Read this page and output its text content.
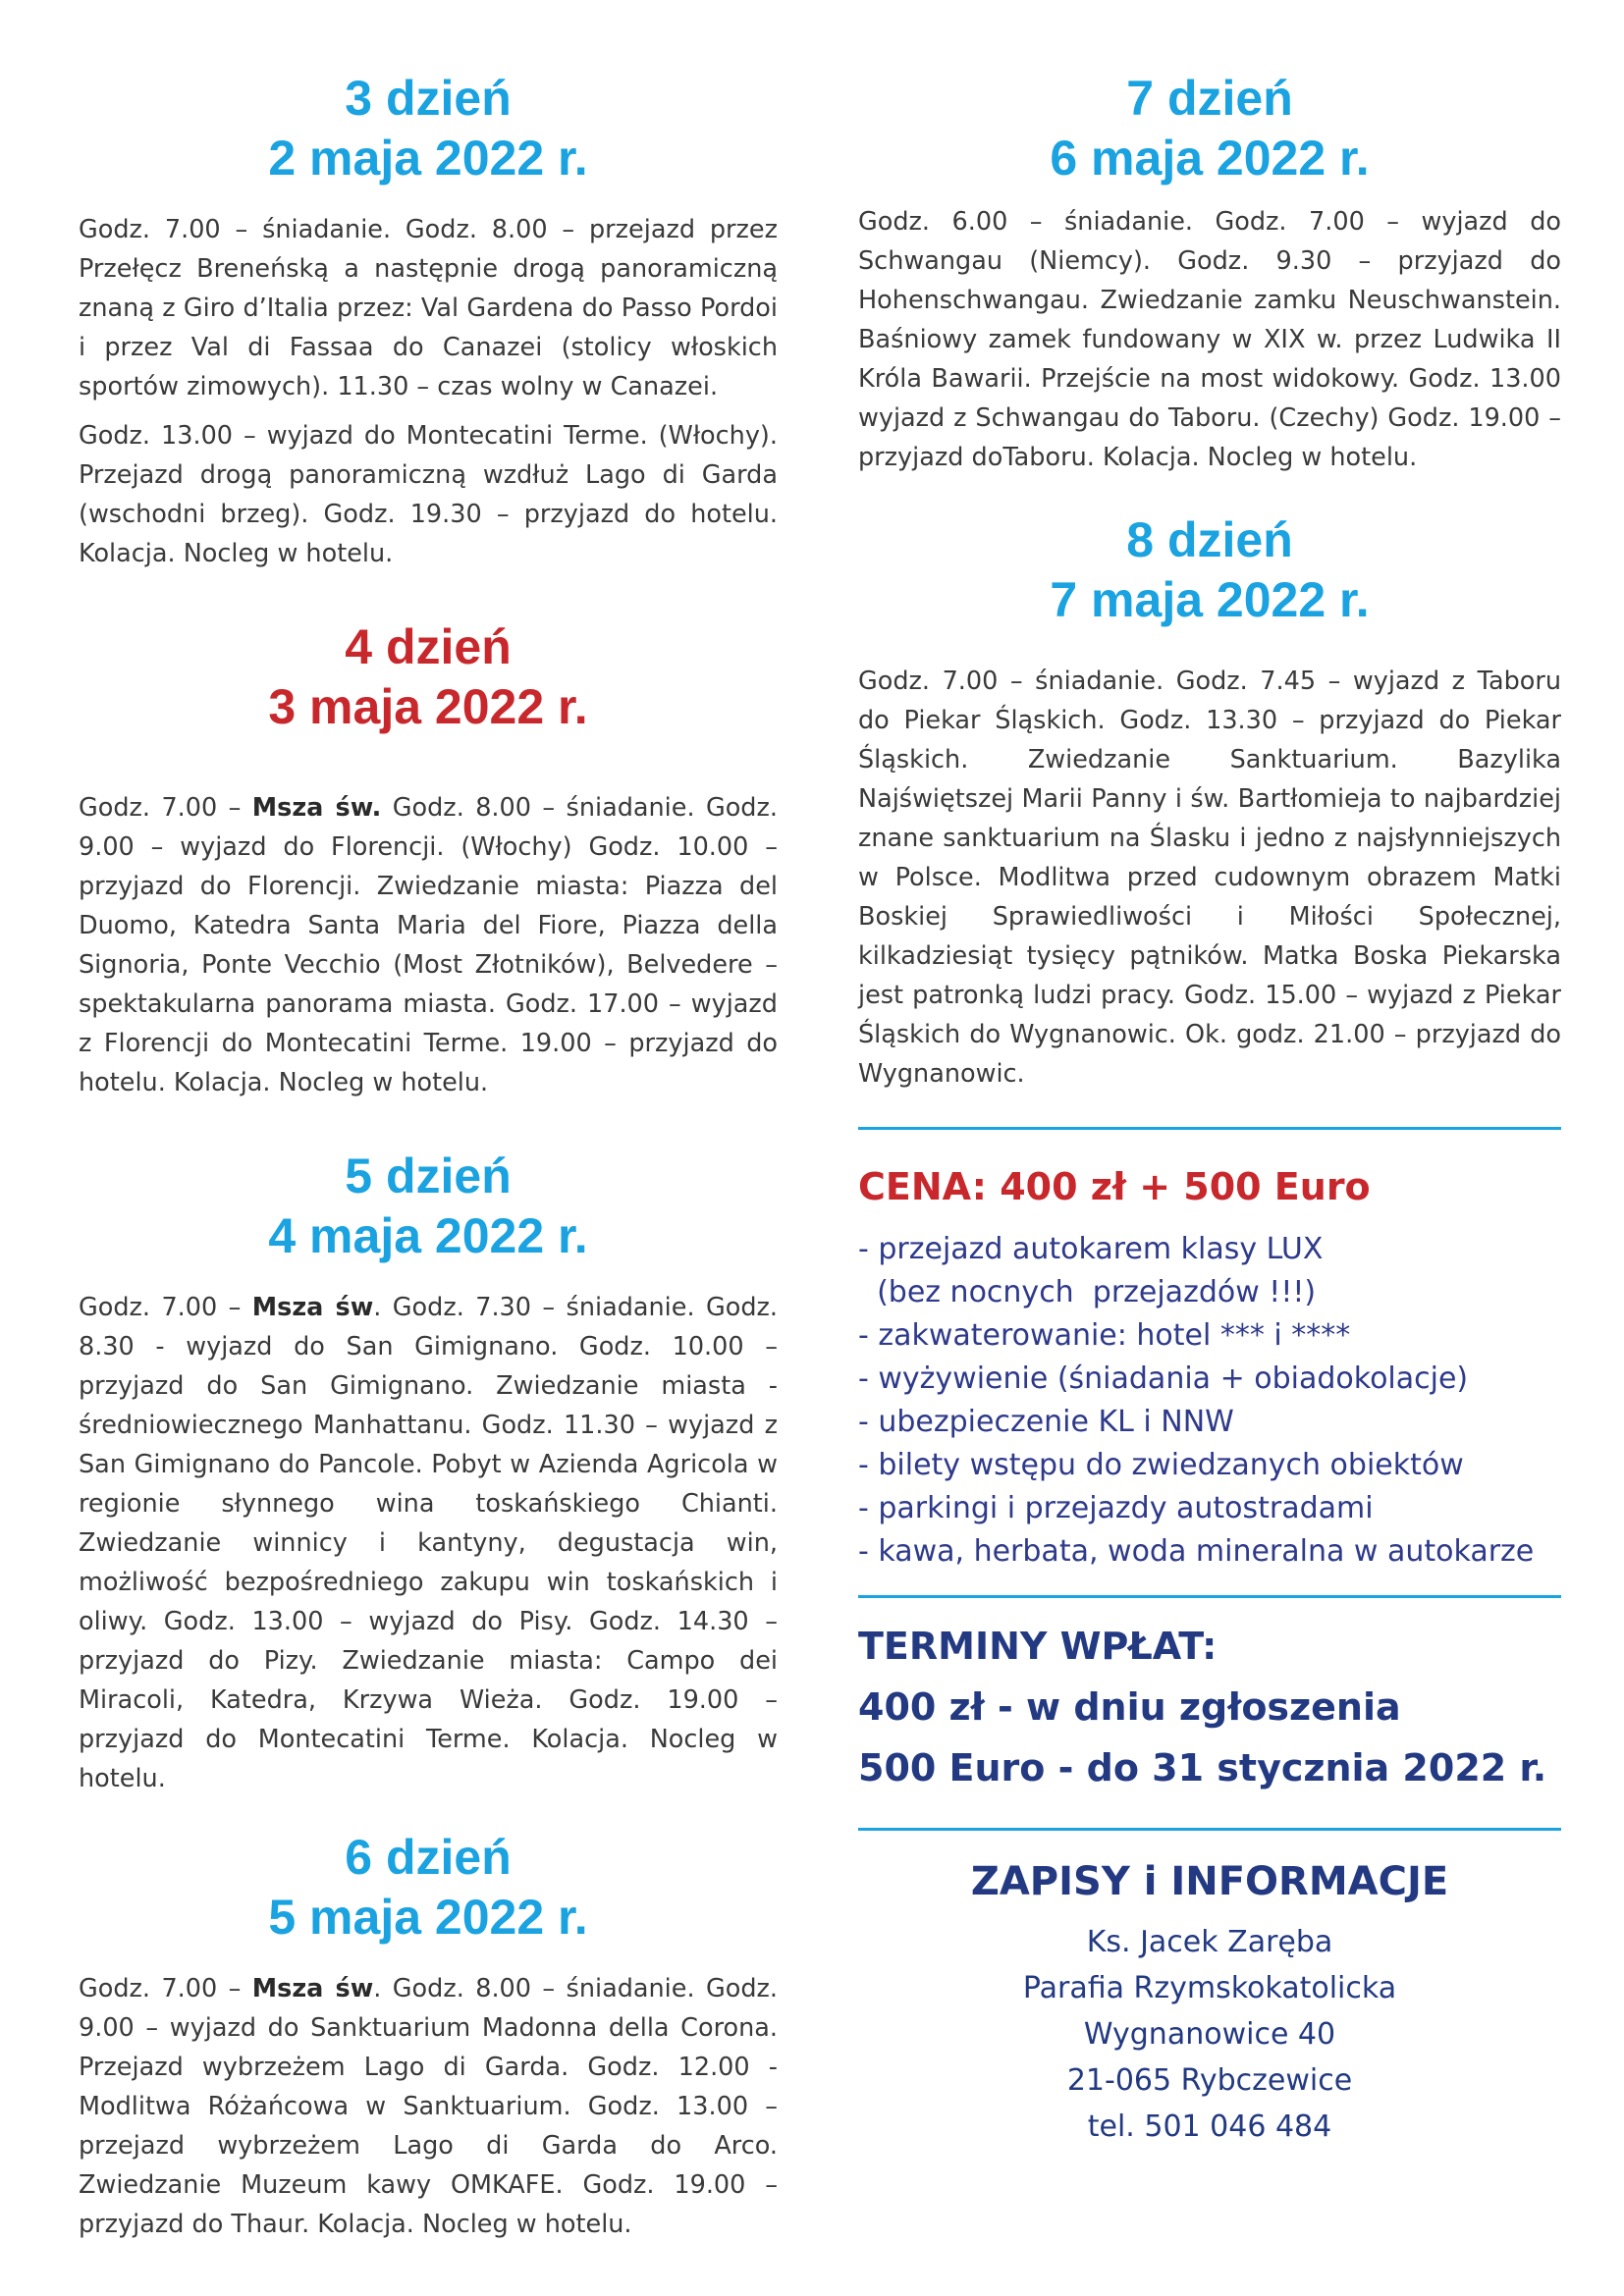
3 dzień
2 maja 2022 r.

Godz. 7.00 – śniadanie. Godz. 8.00 – przejazd przez Przełęcz Breneńską a następnie drogą panoramiczną znaną z Giro d’Italia przez: Val Gardena do Passo Pordoi i przez Val di Fassaa do Canazei (stolicy włoskich sportów zimowych). 11.30 – czas wolny w Canazei.

Godz. 13.00 – wyjazd do Montecatini Terme. (Włochy). Przejazd drogą panoramiczną wzdłuż Lago di Garda (wschodni brzeg). Godz. 19.30 – przyjazd do hotelu. Kolacja. Nocleg w hotelu.

4 dzień
3 maja 2022 r.

Godz. 7.00 – Msza św. Godz. 8.00 – śniadanie. Godz. 9.00 – wyjazd do Florencji. (Włochy) Godz. 10.00 – przyjazd do Florencji. Zwiedzanie miasta: Piazza del Duomo, Katedra Santa Maria del Fiore, Piazza della Signoria, Ponte Vecchio (Most Złotników), Belvedere – spektakularna panorama miasta. Godz. 17.00 – wyjazd z Florencji do Montecatini Terme. 19.00 – przyjazd do hotelu. Kolacja. Nocleg w hotelu.

5 dzień
4 maja 2022 r.

Godz. 7.00 – Msza św. Godz. 7.30 – śniadanie. Godz. 8.30 - wyjazd do San Gimignano. Godz. 10.00 – przyjazd do San Gimignano. Zwiedzanie miasta - średniowiecznego Manhattanu. Godz. 11.30 – wyjazd z San Gimignano do Pancole. Pobyt w Azienda Agricola w regionie słynnego wina toskańskiego Chianti. Zwiedzanie winnicy i kantyny, degustacja win, możliwość bezpośredniego zakupu win toskańskich i oliwy. Godz. 13.00 – wyjazd do Pisy. Godz. 14.30 – przyjazd do Pizy. Zwiedzanie miasta: Campo dei Miracoli, Katedra, Krzywa Wieża. Godz. 19.00 – przyjazd do Montecatini Terme. Kolacja. Nocleg w hotelu.

6 dzień
5 maja 2022 r.

Godz. 7.00 – Msza św. Godz. 8.00 – śniadanie. Godz. 9.00 – wyjazd do Sanktuarium Madonna della Corona. Przejazd wybrzeżem Lago di Garda. Godz. 12.00 - Modlitwa Różańcowa w Sanktuarium. Godz. 13.00 – przejazd wybrzeżem Lago di Garda do Arco. Zwiedzanie Muzeum kawy OMKAFE. Godz. 19.00 – przyjazd do Thaur. Kolacja. Nocleg w hotelu.

7 dzień
6 maja 2022 r.

Godz. 6.00 – śniadanie. Godz. 7.00 – wyjazd do Schwangau (Niemcy). Godz. 9.30 – przyjazd do Hohenschwangau. Zwiedzanie zamku Neuschwanstein. Baśniowy zamek fundowany w XIX w. przez Ludwika II Króla Bawarii. Przejście na most widokowy. Godz. 13.00 wyjazd z Schwangau do Taboru. (Czechy) Godz. 19.00 – przyjazd doTaboru. Kolacja. Nocleg w hotelu.

8 dzień
7 maja 2022 r.

Godz. 7.00 – śniadanie. Godz. 7.45 – wyjazd z Taboru do Piekar Śląskich. Godz. 13.30 – przyjazd do Piekar Śląskich. Zwiedzanie Sanktuarium. Bazylika Najświętszej Marii Panny i św. Bartłomieja to najbardziej znane sanktuarium na Ślasku i jedno z najsłynniejszych w Polsce. Modlitwa przed cudownym obrazem Matki Boskiej Sprawiedliwości i Miłości Społecznej, kilkadziesiąt tysięcy pątników. Matka Boska Piekarska jest patronką ludzi pracy. Godz. 15.00 – wyjazd z Piekar Śląskich do Wygnanowic. Ok. godz. 21.00 – przyjazd do Wygnanowic.

CENA: 400 zł + 500 Euro

- przejazd autokarem klasy LUX
(bez nocnych  przejazdów !!!)
- zakwaterowanie: hotel *** i ****
- wyżywienie (śniadania + obiadokolacje)
- ubezpieczenie KL i NNW
- bilety wstępu do zwiedzanych obiektów
- parkingi i przejazdy autostradami
- kawa, herbata, woda mineralna w autokarze

TERMINY WPŁAT:

400 zł - w dniu zgłoszenia

500 Euro - do 31 stycznia 2022 r.

ZAPISY i INFORMACJE

Ks. Jacek Zaręba

Parafia Rzymskokatolicka

Wygnanowice 40

21-065 Rybczewice

tel. 501 046 484
